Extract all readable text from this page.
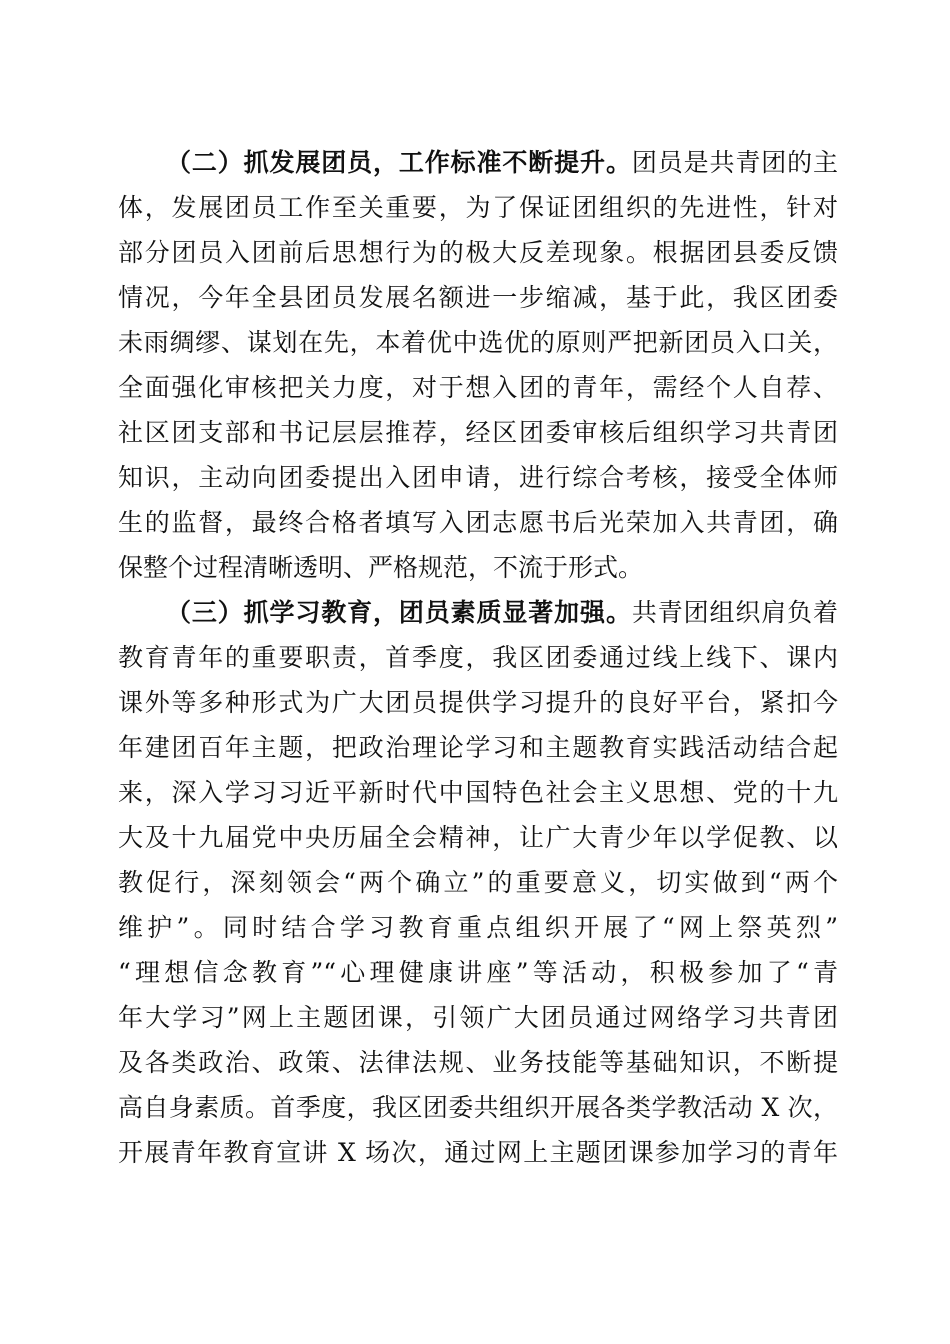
（二）抓发展团员，工作标准不断提升。团员是共青团的主
体，发展团员工作至关重要，为了保证团组织的先进性，针对
部分团员入团前后思想行为的极大反差现象。根据团县委反馈
情况，今年全县团员发展名额进一步缩减，基于此，我区团委
未雨绸缪、谋划在先，本着优中选优的原则严把新团员入口关，
全面强化审核把关力度，对于想入团的青年，需经个人自荐、
社区团支部和书记层层推荐，经区团委审核后组织学习共青团
知识，主动向团委提出入团申请，进行综合考核，接受全体师
生的监督，最终合格者填写入团志愿书后光荣加入共青团，确
保整个过程清晰透明、严格规范，不流于形式。
（三）抓学习教育，团员素质显著加强。共青团组织肩负着
教育青年的重要职责，首季度，我区团委通过线上线下、课内
课外等多种形式为广大团员提供学习提升的良好平台，紧扣今
年建团百年主题，把政治理论学习和主题教育实践活动结合起
来，深入学习习近平新时代中国特色社会主义思想、党的十九
大及十九届党中央历届全会精神，让广大青少年以学促教、以
教促行，深刻领会“两个确立”的重要意义，切实做到“两个
维护”。同时结合学习教育重点组织开展了“网上祭英烈”
“理想信念教育”“心理健康讲座”等活动，积极参加了“青
年大学习”网上主题团课，引领广大团员通过网络学习共青团
及各类政治、政策、法律法规、业务技能等基础知识，不断提
高自身素质。首季度，我区团委共组织开展各类学教活动 X 次，
开展青年教育宣讲 X 场次，通过网上主题团课参加学习的青年
